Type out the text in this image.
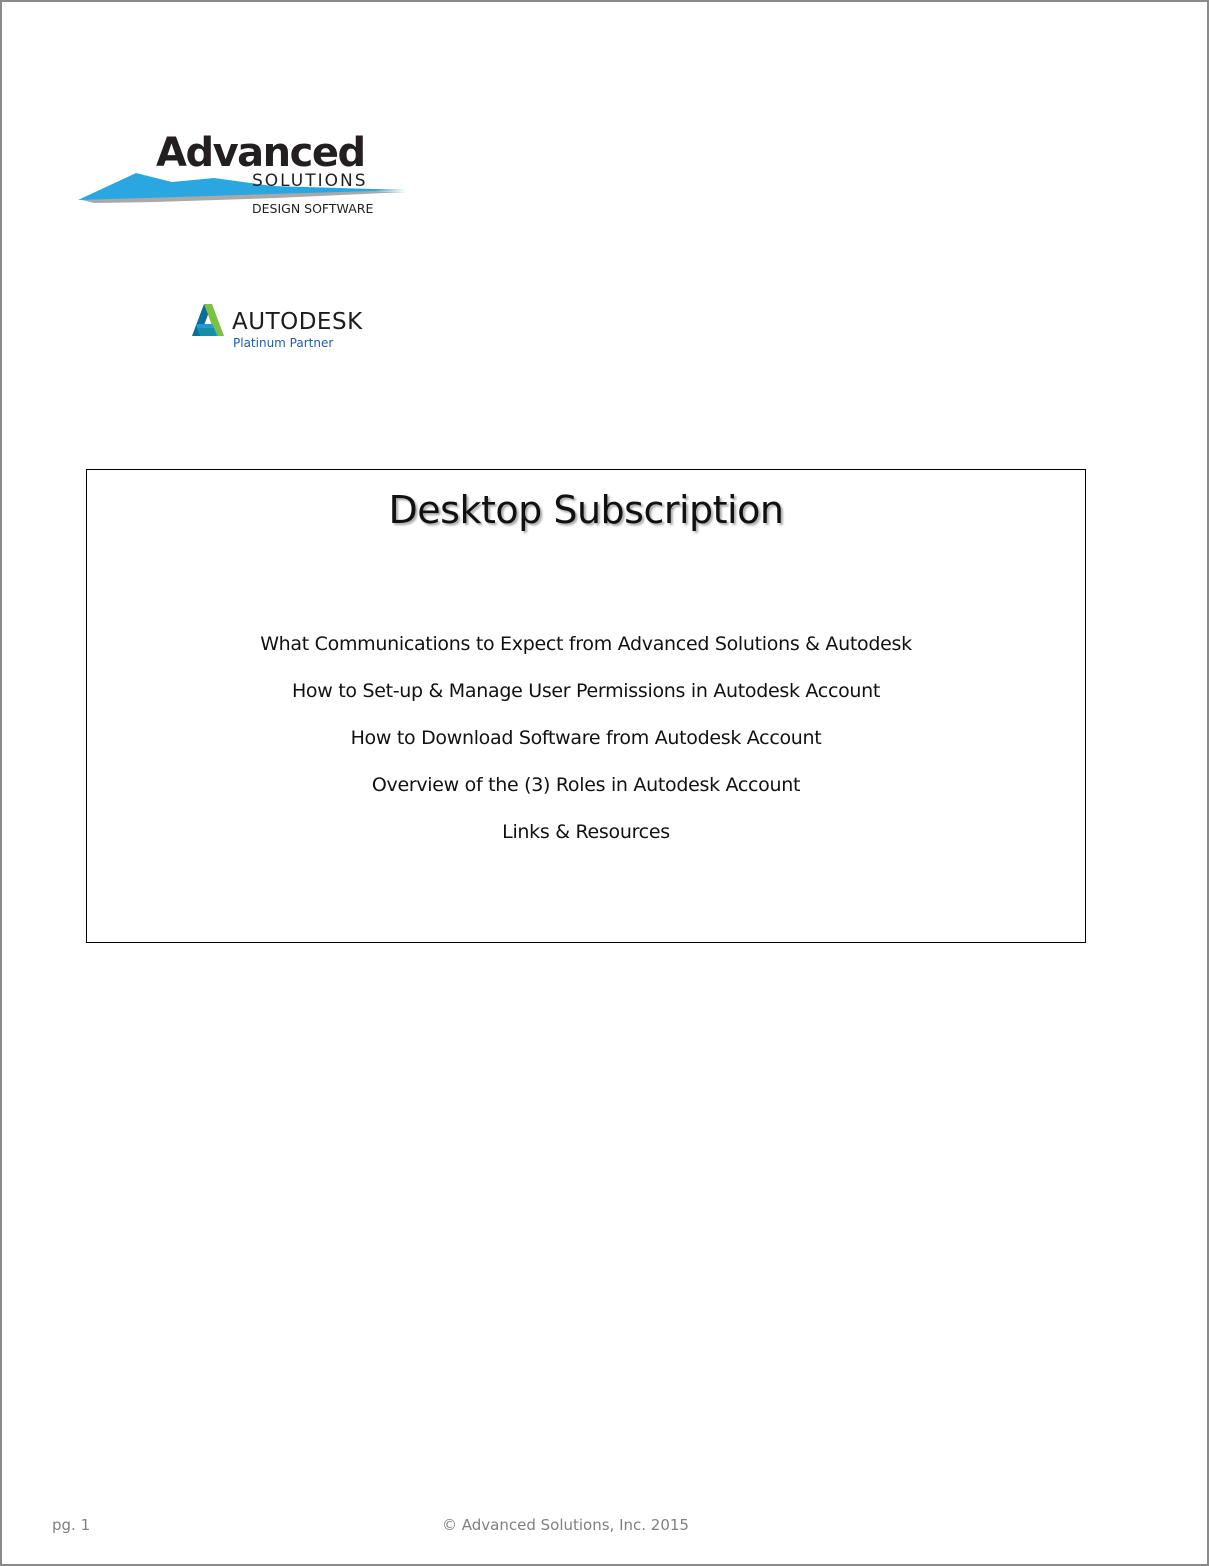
Advanced
SOLUTIONS
DESIGN SOFTWARE
AUTODESK
Platinum Partner
Desktop Subscription
What Communications to Expect from Advanced Solutions & Autodesk
How to Set-up & Manage User Permissions in Autodesk Account
How to Download Software from Autodesk Account
Overview of the (3) Roles in Autodesk Account
Links & Resources
pg. 1	© Advanced Solutions, Inc. 2015
